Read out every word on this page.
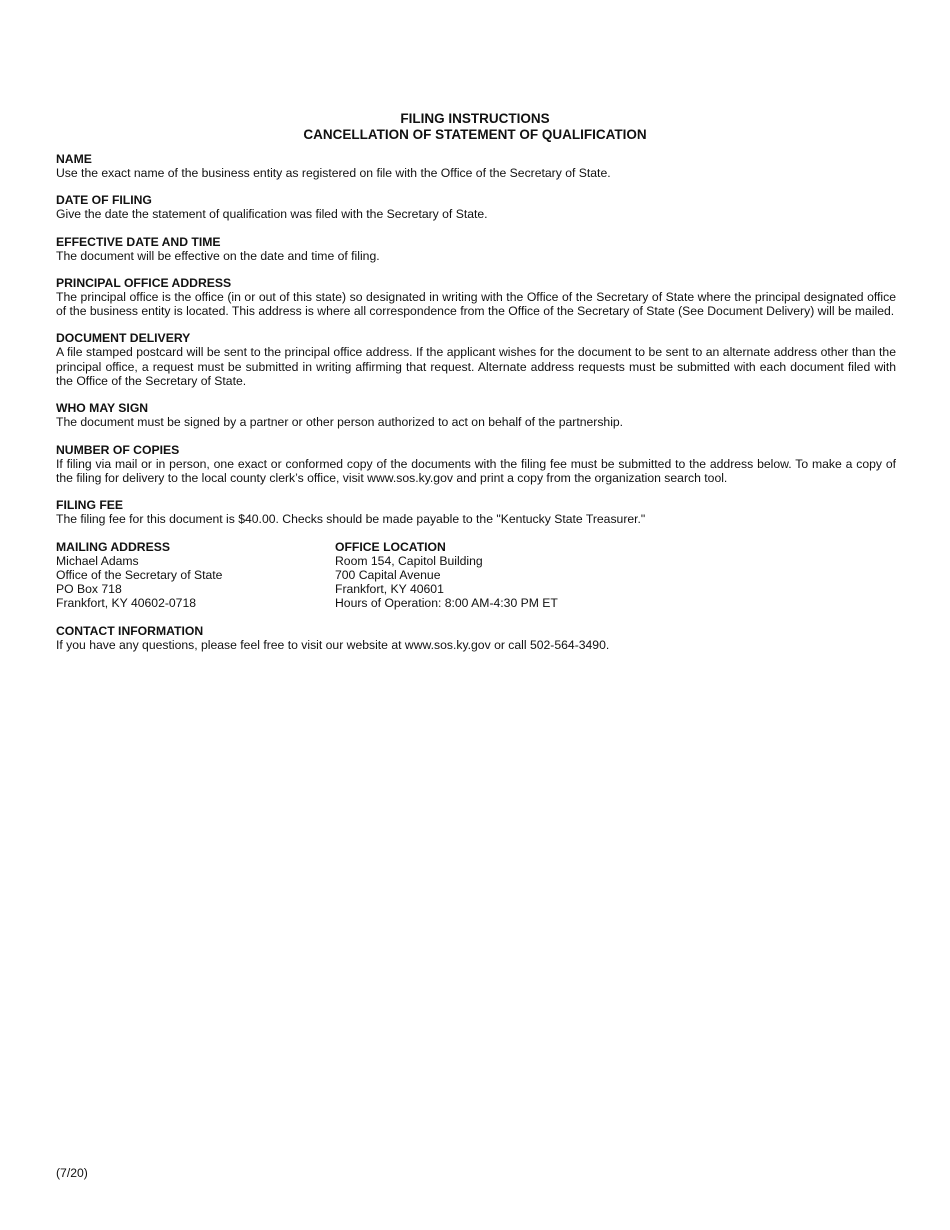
FILING INSTRUCTIONS
CANCELLATION OF STATEMENT OF QUALIFICATION
NAME
Use the exact name of the business entity as registered on file with the Office of the Secretary of State.
DATE OF FILING
Give the date the statement of qualification was filed with the Secretary of State.
EFFECTIVE DATE AND TIME
The document will be effective on the date and time of filing.
PRINCIPAL OFFICE ADDRESS
The principal office is the office (in or out of this state) so designated in writing with the Office of the Secretary of State where the principal designated office of the business entity is located. This address is where all correspondence from the Office of the Secretary of State (See Document Delivery) will be mailed.
DOCUMENT DELIVERY
A file stamped postcard will be sent to the principal office address. If the applicant wishes for the document to be sent to an alternate address other than the principal office, a request must be submitted in writing affirming that request. Alternate address requests must be submitted with each document filed with the Office of the Secretary of State.
WHO MAY SIGN
The document must be signed by a partner or other person authorized to act on behalf of the partnership.
NUMBER OF COPIES
If filing via mail or in person, one exact or conformed copy of the documents with the filing fee must be submitted to the address below. To make a copy of the filing for delivery to the local county clerk’s office, visit www.sos.ky.gov and print a copy from the organization search tool.
FILING FEE
The filing fee for this document is $40.00. Checks should be made payable to the "Kentucky State Treasurer."
MAILING ADDRESS
Michael Adams
Office of the Secretary of State
PO Box 718
Frankfort, KY 40602-0718
OFFICE LOCATION
Room 154, Capitol Building
700 Capital Avenue
Frankfort, KY 40601
Hours of Operation: 8:00 AM-4:30 PM ET
CONTACT INFORMATION
If you have any questions, please feel free to visit our website at www.sos.ky.gov or call 502-564-3490.
(7/20)
